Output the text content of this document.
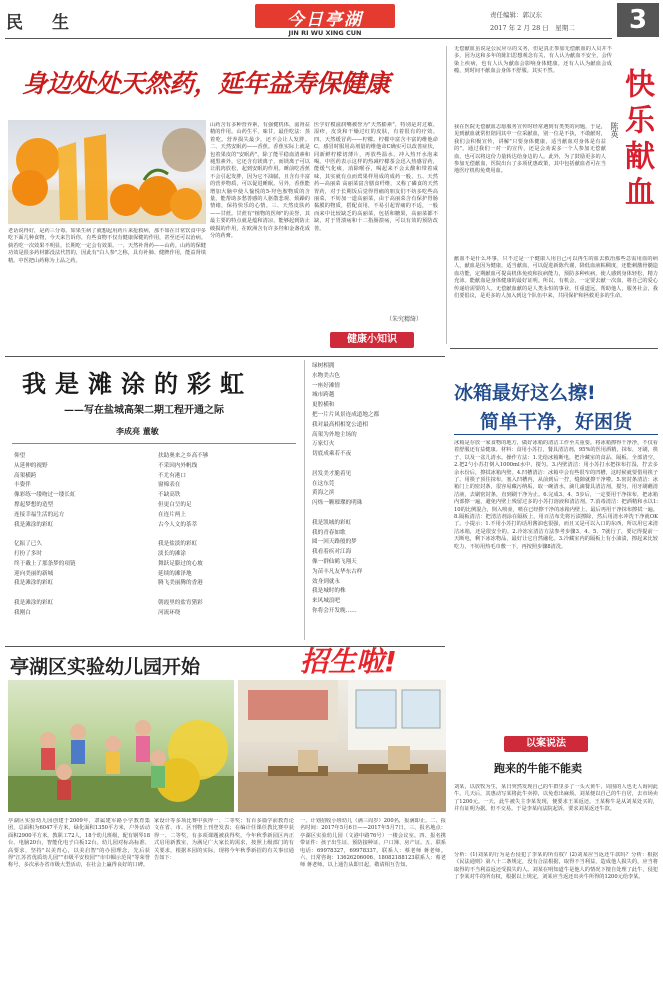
民　生	今日亭湖
JIN RI WU XING CUN
责任编辑：郭汉东
2017 年 2 月 28 日　星期二	3
身边处处天然药，延年益寿保健康
老话说得好，是药三分毒。如果生病了就想起用药片来抢救病，那不如在日常饮食中多吃下面几种食物，今天来告诉你，有些食物不仅有健康保健的作用，甚至还可以治病。倘若吃一次效果不明显，长期吃一定会有效果。一、天然补肾药——山药。山药的保健功效是很多药材都没法代替的，因此有"白人参"之称，具有补肺、健脾作用，能益肾填精。中医把山药称为上品之药。
山药含有多种营养素，有强健机体，滋肾益精的作用。山药生平，味甘，最佳吃法：蒸着吃。营养损失最少，还不会让人发胖。二、天然安眠药——香蕉。香蕉实际上就是包着果皮的"安眠药"，除了能平稳血清素和褪黑素外，它还含有镁离子，而镁离子可以让肌肉放松，起到安眠的作用。睡前吃香蕉不会引起发胖，因为它不油腻，且含有丰富的营养物质，可以促进睡眠。另外，香蕉能增加大脑中使人愉悦的5-羟色胺物质的含量，能帮助多愁善感的人驱散悲观、烦躁的情绪，保持快乐的心情。三、天然皮肤药——甘蔗。甘蔗有"植物的医师"的美誉，其最主要的特点就是蕴和清凉，能够起到防止破损的作用，在欧洲含有许多羟和金盏花成分的药膏。
医学好模滋润嘴被誉为"天然膨素"，特别是对过敏、湿疹，皮炎和干燥过红的皮肤，有着很有的疗效。四、天然缓冒药——柠檬。柠檬中富含丰富的维他命C，感冒时服用高剂量的维他命C确实可以改善症状，同新鲜柠檬切薄片，再放些温水，冲入热开水泡来喝。中医药表示这样的热减柠檬茶会迅入热感冒药，能缓气化痰，消除喉吞，喝起来不会太酸和带着咸味，其实就有点而蔫果样用成的成药一般，五、天然药—高丽菜 高丽菜富含膳食纤维，又称了磷食的天然胃药，对于长期饭后觉得胃痛的朋友们不妨多吃些高丽菜，不妨加一道高丽菜，由于高丽菜含有保护胃肠黏膜的物质，搭配食用，不易引起胃痛的不适，一般而来中比较缺乏的高丽菜，包括和糖果，高丽菜都不缺，对于胃溃疡和十二指肠溃疡，可以有效的预防改善。
（朱究精绮）
健康小知识
无偿献血虽说是公民应尽的义务，但是真正参加无偿献血的人员并不多，因为这和多年的陈旧思想观念有关，有人认为献血不安全，会传染上疾病，也有人认为献血会影响身体健康。还有人认为献血会成瘾，到时间不献血会身体不舒服。其实不然。	快乐献血
我在医院无偿献血志愿服务宣传时经常遇到有类类的问题，于是，见到献血就常但陪同其中一位采献血，别一位是不执，不敢献时，我们会积极宣传，讲解"只要身体健康，适当献血对身体是有益的"。通过我们一对一的宣传，还是会劝说多一个人参加无偿献血，也可以将这份力量转达给身边的人。此外，为了鼓励更多的人参加无偿献血，医院出台了多项优惠政策，其中包括献血者可在当地医疗机构免费用血。
陈英
献血不是什么坏事，只不过是一个健康人用自己可以再生的血去救治那些急需用血的病人，献血是因为健康，适当献血，可以促进新陈代谢，降低血液粘稠度，还能刺激骨髓造血功能，定期献血可提高机体免疫和抗病能力，预防多种疾病，使人感到身体轻松，精力充沛。能献血是身体健康的最好证明。所以，有机会，一定要去献一次血，将自己的爱心传递给需要的人。无偿献血献的是人类永恒的事业，任重道远，帮助他人，服务社会，我们要倡议，是更多的人加入到这个队伍中来，共同保护和拯救更多的生命。
我是滩涂的彩虹
——写在盐城高架二期工程开通之际
李成亮 董敏
仰望
从延伸的视野
高架横跨
丰姿伴
像彩练一缕吻过一缕长虹
撑起梦想的造型
连接幸福生活的远方
我是滩涂的彩虹

亿振了已久
打扮了多时
终于戴上了那条梦的项链
迎向美丽的新城
我是滩涂的彩虹

我是滩涂的彩虹
我刚白
扶助奥来之乡高不够
不采因内外帆线
不尤有港口
窗棉表在
不缺高铁
但更白呈的足
在连片两上
古今人文的茶萃

我是盐淡的彩虹
淡长的滩涂
舞跃足膨过的心坡
延续的滩泽地
腾飞美丽腾的香港

朝霞里的盐宵猪彩
河流环绕
绿树相拥
水物美古色
一座好滩情
城市跨越
更腔横和
把一片片风景连成道地之都
我对最高相相宽公道相
高架为外地主场的
万家灯火
切底成乘若不夜

居发美才脆着见
在这东莞
黄海之滨
闪烁一颗璀璨的明珠

我是凯城的彩虹
我的青春如歌
圆一回天路般的梦
我看着疾对江海
像一群仙鹤飞翔天
为苗丰凡友华东古样
效身到就永
我是城时的株
来风城浪吧
你将会开发晚……
冰箱最好这么擦!
简单干净，好困货
冰箱是存放一家食物的地方，做好冰箱的清洁工作至关重要。将冰箱擦得干净净，不仅看着舒服还有益健康。材料：食用小苏打，餐具清洁剂，95%的医用酒精，抹布，牙刷，筷子，以及一盆儿清水。操作方法：1.先给冰箱断电，把冷藏室的食品、隔板、全部清空。2.把2勺小苏打倒入1000ml水中，搅匀。3.内壁清洁：用小苏打水把抹布打湿，拧去多余水份后，擦拭冰箱内壁。4.凹槽清洁：冰箱中会有些很窄的凹槽，这时候就要借用筷子了，用筷子顶住抹布，塞入凹槽内，从前到后一拧，缝隙就擦干净啦。5.密封条清洁：冰箱门上的密封条，很容易藏污纳垢，取一碗清水，滴几滴餐具清洁剂，搅匀，用牙刷蘸清洁液，去刷密封条，直到刷干净为止。6.完成3、4、5步后，一定要用干净抹布，把冰箱内部擦一遍，避免内壁上残留过多的小苏打溶液和清洁剂。7.消毒清洁：把酒精和水以1:10的比例混合，倒入喷壶，喷在已经擦干净的冰箱内壁上，最后再用干净抹布擦拭一遍。8.隔板清洁：把清洁剂涂在隔板上，用百洁布先将污渍擦除，然后用清水冲洗干净就OK了。小提示：1.不用小苏打的话用酱油也很强，而且又是可以入口的东西，所以用它来清洁冰箱，还是很安全的。2.冷冻室清洁方法参考步骤3、4、5、7就行了，要记得提前一天断电，剩下冰冻物品，最好让它自然融化。3.冷藏室内的隔板上有小油渍，擦起来比较吃力，不妨用热毛巾敷一下，再按照步骤8清洗。
亭湖区实验幼儿园开始	招生啦!
亭湖区实验幼儿园创建于2009年，隶属建军路小学教育集团，总面积为6047平方米，绿化面积1350平方米，户外活动面积2900平方米，教职工72人，18个幼儿班级，配有钢琴18台、电脑20台，智能化电子白板12台。幼儿园对标高标准、高要求，坚持"以美育心，以美启智"的办园理念，先后获得"江苏省优质幼儿园""市级平安校园""市巾帼示范岗"等荣誉称号，多次承办省市级大型活动，在社会上赢得良好的口碑。
家设计等多项比赛中获得一、二等奖；有百多篇学前教育论文在省、市、区刊物上刊登发表；在编计任课任教比赛中获得一、二等奖，有多项课题被获得奖。今年秋季新园区内正式启用新教室，为满足广大家长的需求，按照上级部门的有关要求，根据本园的实际，现将今年秋季新招的有关事宜通告如下：
一、计划招收小班幼儿（满三周岁）200名，报满即止。二、报名时间：2017年5月6日——2017年5月7日。三、报名地点：亭湖区实验幼儿园（文港中路76号）一楼会议室。四、报名携带证件：孩子出生证、预防接种证、户口簿、房产证。五、联系电话：69978327，69978337。联系人：蔡老师 蒋老师。六、日常咨询：13626206006、18082188123联系人：蔡老师 蒋老师。以上通告从即日起，敬请相互告知。
以案说法
跑来的牛能不能卖
刘某，以放牧为生，某日突然发现自己的牛群里多了一头大黄牛，周围的人也无人询问此牛。几天后，其惠动写某将此牛卖掉，以免惹出麻烦。刘某便以自己的牛自居，去市场卖了1200元。一天，此牛被失主李某发现，便要求王某返还。王某称牛是从刘某处买的，并有证明为据。但不交易。于是李某向法院起诉，要求刘某返还牛款。
分析：(1)刘某的行为是否侵犯了李某的所有权？(2)刘某应当返还牛款吗？分析：根据《民法通则》第八十二条规定，没有合法根据，取得不当利益，造成他人损失的，应当将取得的不当利益返还受损失的人。刘某在明知道牛是他人的情况下擅自处理了此牛，侵犯了李某对牛的所有权，根据以上规定，刘某应当返还出卖牛所得的1200元给李某。
